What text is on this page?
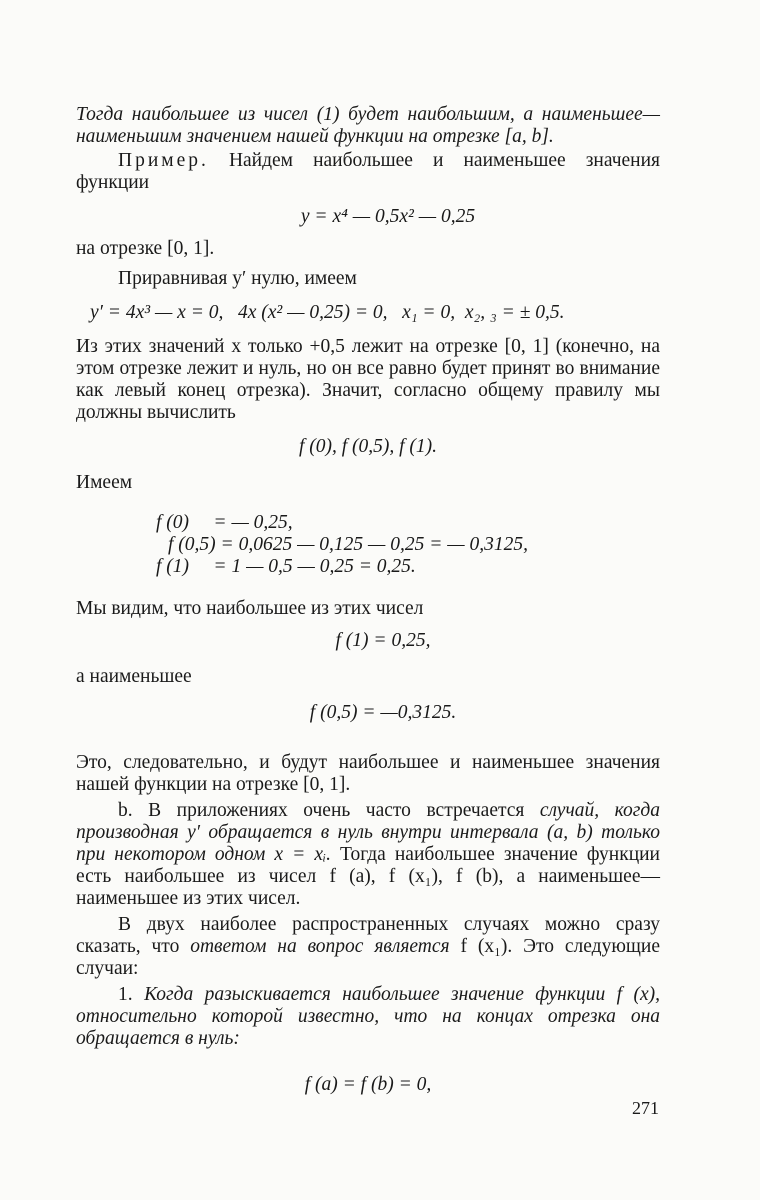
Тогда наибольшее из чисел (1) будет наибольшим, а наименьшее—наименьшим значением нашей функции на отрезке [a, b].

Пример. Найдем наибольшее и наименьшее значения функции

y = x⁴ — 0,5x² — 0,25

на отрезке [0, 1].

Приравнивая y′ нулю, имеем

y′ = 4x³ — x = 0,   4x (x² — 0,25) = 0,   x₁ = 0,  x₂, ₃ = ± 0,5.

Из этих значений x только +0,5 лежит на отрезке [0, 1] (конечно, на этом отрезке лежит и нуль, но он все равно будет принят во внимание как левый конец отрезка). Значит, согласно общему правилу мы должны вычислить

f (0), f (0,5), f (1).

Имеем

f (0)     = — 0,25,
f (0,5) = 0,0625 — 0,125 — 0,25 = — 0,3125,
f (1)     = 1 — 0,5 — 0,25 = 0,25.

Мы видим, что наибольшее из этих чисел

f (1) = 0,25,

а наименьшее

f (0,5) = —0,3125.

Это, следовательно, и будут наибольшее и наименьшее значения нашей функции на отрезке [0, 1].

b. В приложениях очень часто встречается случай, когда производная y′ обращается в нуль внутри интервала (a, b) только при некотором одном x = xᵢ. Тогда наибольшее значение функции есть наибольшее из чисел f (a), f (x₁), f (b), а наименьшее—наименьшее из этих чисел.

В двух наиболее распространенных случаях можно сразу сказать, что ответом на вопрос является f (x₁). Это следующие случаи:

1. Когда разыскивается наибольшее значение функции f (x), относительно которой известно, что на концах отрезка она обращается в нуль:

f (a) = f (b) = 0,

271
